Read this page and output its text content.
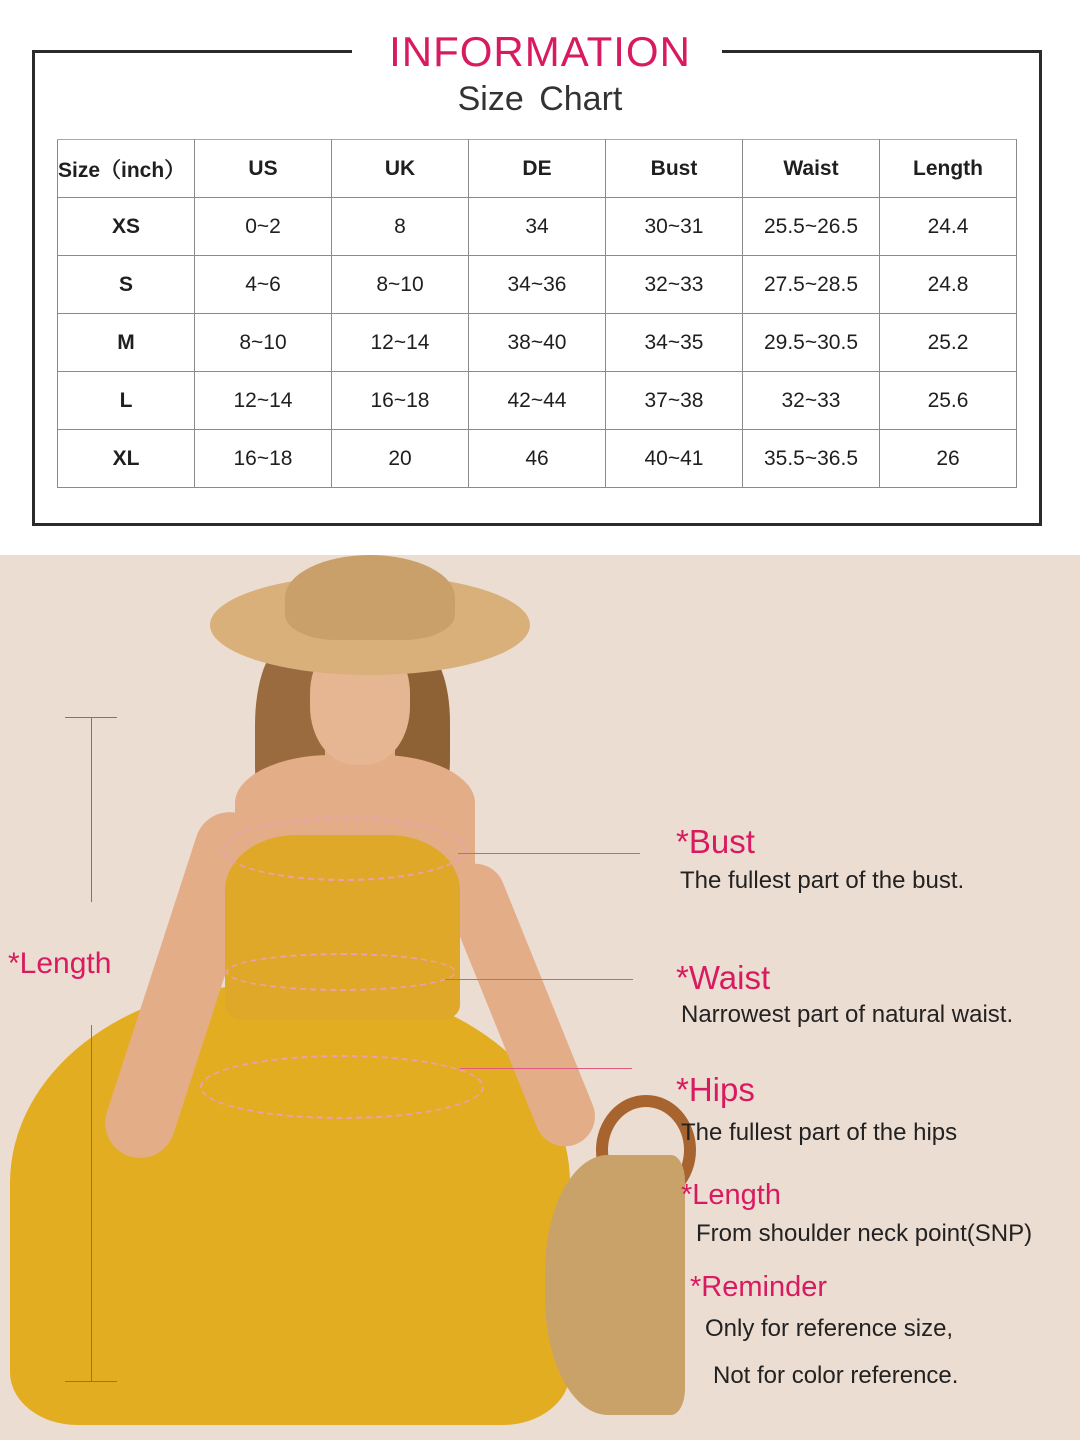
INFORMATION
Size Chart
Size（inch）	US	UK	DE	Bust	Waist	Length
XS	0~2	8	34	30~31	25.5~26.5	24.4
S	4~6	8~10	34~36	32~33	27.5~28.5	24.8
M	8~10	12~14	38~40	34~35	29.5~30.5	25.2
L	12~14	16~18	42~44	37~38	32~33	25.6
XL	16~18	20	46	40~41	35.5~36.5	26
*Length
*Bust
The fullest part of the bust.
*Waist
Narrowest part of natural waist.
*Hips
The fullest part of the hips
*Length
From shoulder neck point(SNP)
*Reminder
Only for reference size,
Not for color reference.
